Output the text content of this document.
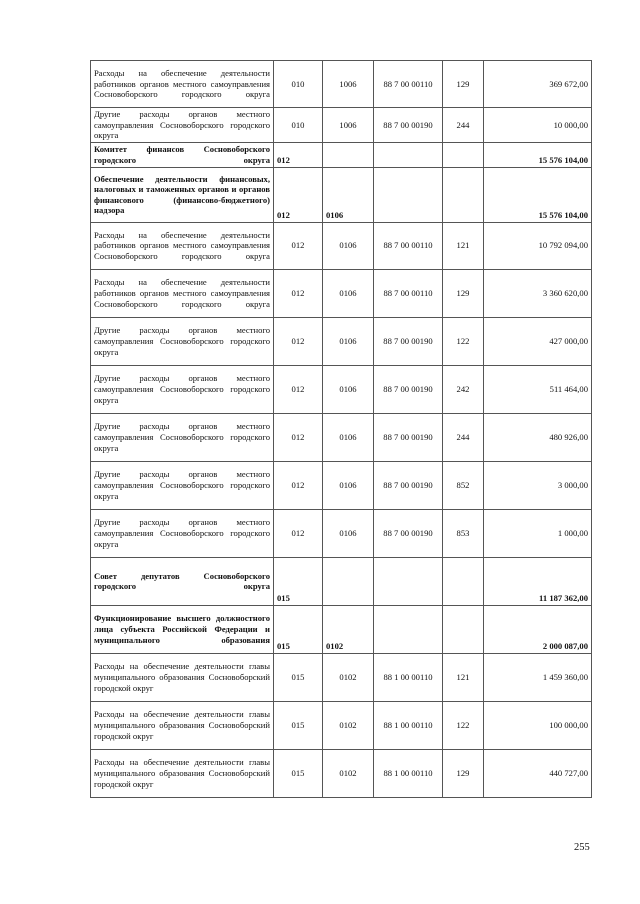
Расходы на обеспечение деятельности работников органов местного самоуправления Сосновоборского городского округа	010	1006	88 7 00 00110	129	369 672,00
Другие расходы органов местного самоуправления Сосновоборского городского округа	010	1006	88 7 00 00190	244	10 000,00
Комитет финансов Сосновоборского городского округа	012				15 576 104,00
Обеспечение деятельности финансовых, налоговых и таможенных органов и органов финансового (финансово-бюджетного) надзора	012	0106			15 576 104,00
Расходы на обеспечение деятельности работников органов местного самоуправления Сосновоборского городского округа	012	0106	88 7 00 00110	121	10 792 094,00
Расходы на обеспечение деятельности работников органов местного самоуправления Сосновоборского городского округа	012	0106	88 7 00 00110	129	3 360 620,00
Другие расходы органов местного самоуправления Сосновоборского городского округа	012	0106	88 7 00 00190	122	427 000,00
Другие расходы органов местного самоуправления Сосновоборского городского округа	012	0106	88 7 00 00190	242	511 464,00
Другие расходы органов местного самоуправления Сосновоборского городского округа	012	0106	88 7 00 00190	244	480 926,00
Другие расходы органов местного самоуправления Сосновоборского городского округа	012	0106	88 7 00 00190	852	3 000,00
Другие расходы органов местного самоуправления Сосновоборского городского округа	012	0106	88 7 00 00190	853	1 000,00
Совет депутатов Сосновоборского городского округа	015				11 187 362,00
Функционирование высшего должностного лица субъекта Российской Федерации и муниципального образования	015	0102			2 000 087,00
Расходы на обеспечение деятельности главы муниципального образования Сосновоборский городской округ	015	0102	88 1 00 00110	121	1 459 360,00
Расходы на обеспечение деятельности главы муниципального образования Сосновоборский городской округ	015	0102	88 1 00 00110	122	100 000,00
Расходы на обеспечение деятельности главы муниципального образования Сосновоборский городской округ	015	0102	88 1 00 00110	129	440 727,00
255
